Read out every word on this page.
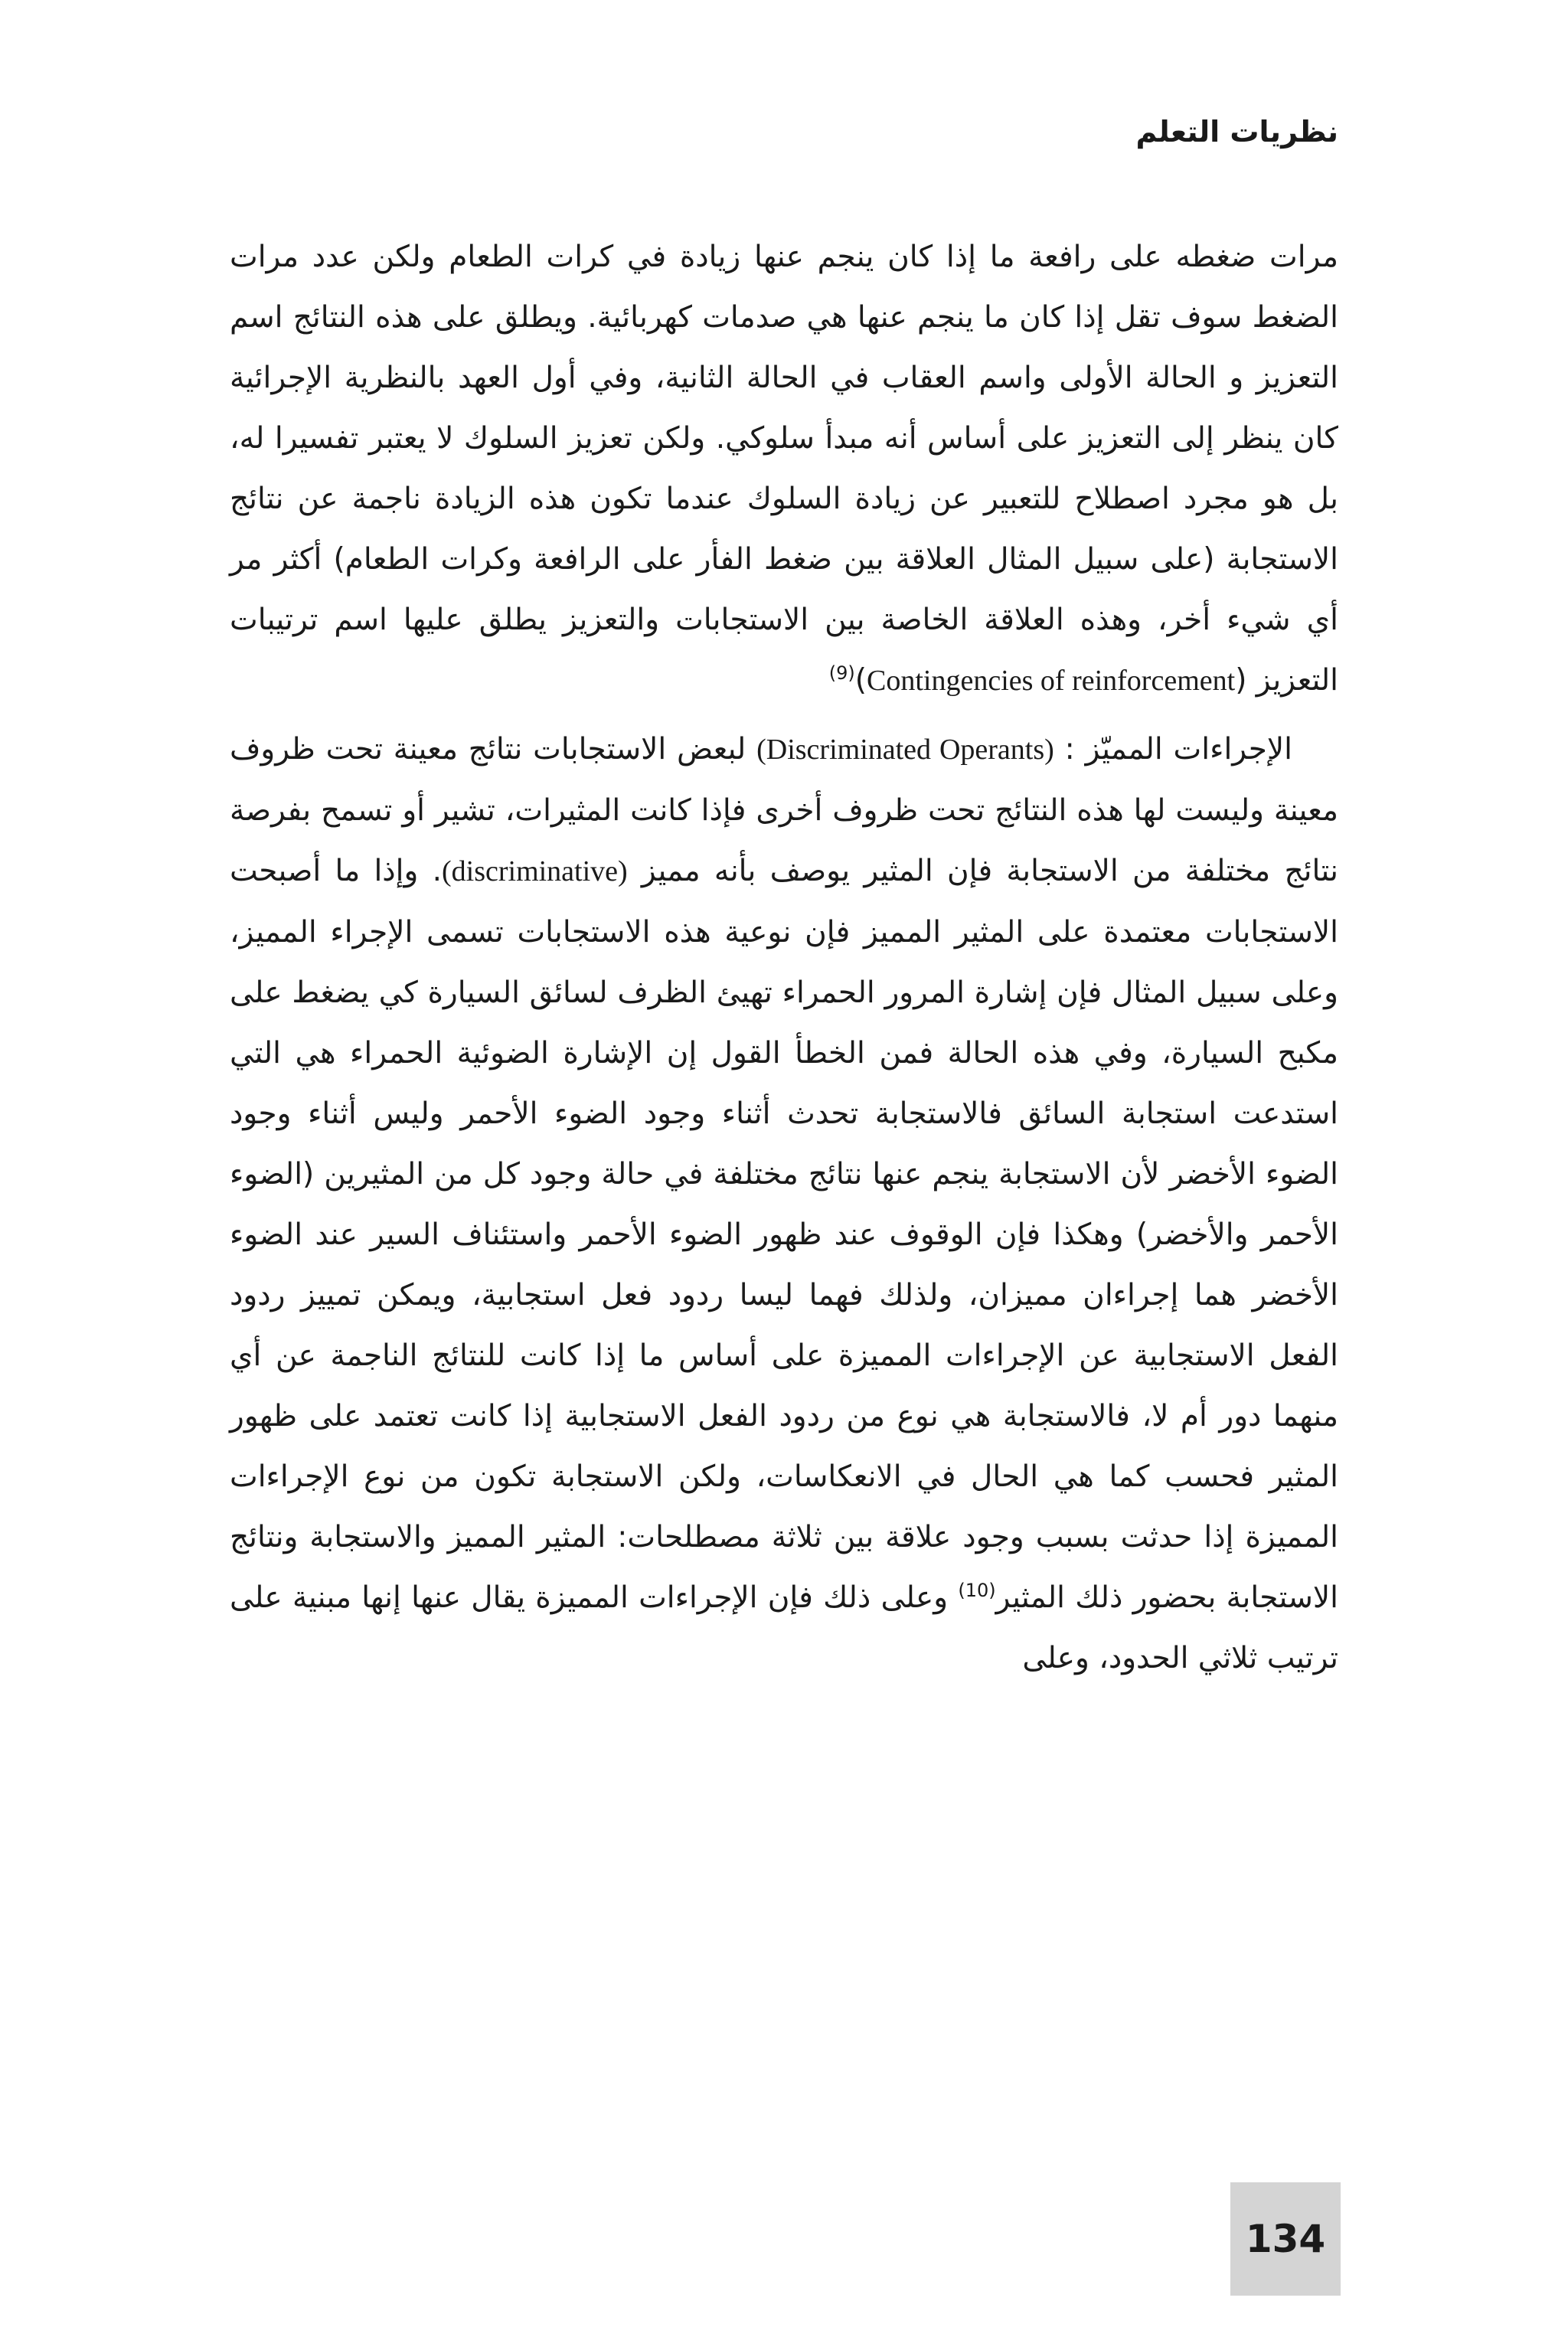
نظريات التعلم

مرات ضغطه على رافعة ما إذا كان ينجم عنها زيادة في كرات الطعام ولكن عدد مرات الضغط سوف تقل إذا كان ما ينجم عنها هي صدمات كهربائية. ويطلق على هذه النتائج اسم التعزيز و الحالة الأولى واسم العقاب في الحالة الثانية، وفي أول العهد بالنظرية الإجرائية كان ينظر إلى التعزيز على أساس أنه مبدأ سلوكي. ولكن تعزيز السلوك لا يعتبر تفسيرا له، بل هو مجرد اصطلاح للتعبير عن زيادة السلوك عندما تكون هذه الزيادة ناجمة عن نتائج الاستجابة (على سبيل المثال العلاقة بين ضغط الفأر على الرافعة وكرات الطعام) أكثر مر أي شيء أخر، وهذه العلاقة الخاصة بين الاستجابات والتعزيز يطلق عليها اسم ترتيبات التعزيز (Contingencies of reinforcement)$^{(9)}$

الإجراءات المميّز : (Discriminated Operants) لبعض الاستجابات نتائج معينة تحت ظروف معينة وليست لها هذه النتائج تحت ظروف أخرى فإذا كانت المثيرات، تشير أو تسمح بفرصة نتائج مختلفة من الاستجابة فإن المثير يوصف بأنه مميز (discriminative). وإذا ما أصبحت الاستجابات معتمدة على المثير المميز فإن نوعية هذه الاستجابات تسمى الإجراء المميز، وعلى سبيل المثال فإن إشارة المرور الحمراء تهيئ الظرف لسائق السيارة كي يضغط على مكبح السيارة، وفي هذه الحالة فمن الخطأ القول إن الإشارة الضوئية الحمراء هي التي استدعت استجابة السائق فالاستجابة تحدث أثناء وجود الضوء الأحمر وليس أثناء وجود الضوء الأخضر لأن الاستجابة ينجم عنها نتائج مختلفة في حالة وجود كل من المثيرين (الضوء الأحمر والأخضر) وهكذا فإن الوقوف عند ظهور الضوء الأحمر واستئناف السير عند الضوء الأخضر هما إجراءان مميزان، ولذلك فهما ليسا ردود فعل استجابية، ويمكن تمييز ردود الفعل الاستجابية عن الإجراءات المميزة على أساس ما إذا كانت للنتائج الناجمة عن أي منهما دور أم لا، فالاستجابة هي نوع من ردود الفعل الاستجابية إذا كانت تعتمد على ظهور المثير فحسب كما هي الحال في الانعكاسات، ولكن الاستجابة تكون من نوع الإجراءات المميزة إذا حدثت بسبب وجود علاقة بين ثلاثة مصطلحات: المثير المميز والاستجابة ونتائج الاستجابة بحضور ذلك المثير$^{(10)}$ وعلى ذلك فإن الإجراءات المميزة يقال عنها إنها مبنية على ترتيب ثلاثي الحدود، وعلى

134
